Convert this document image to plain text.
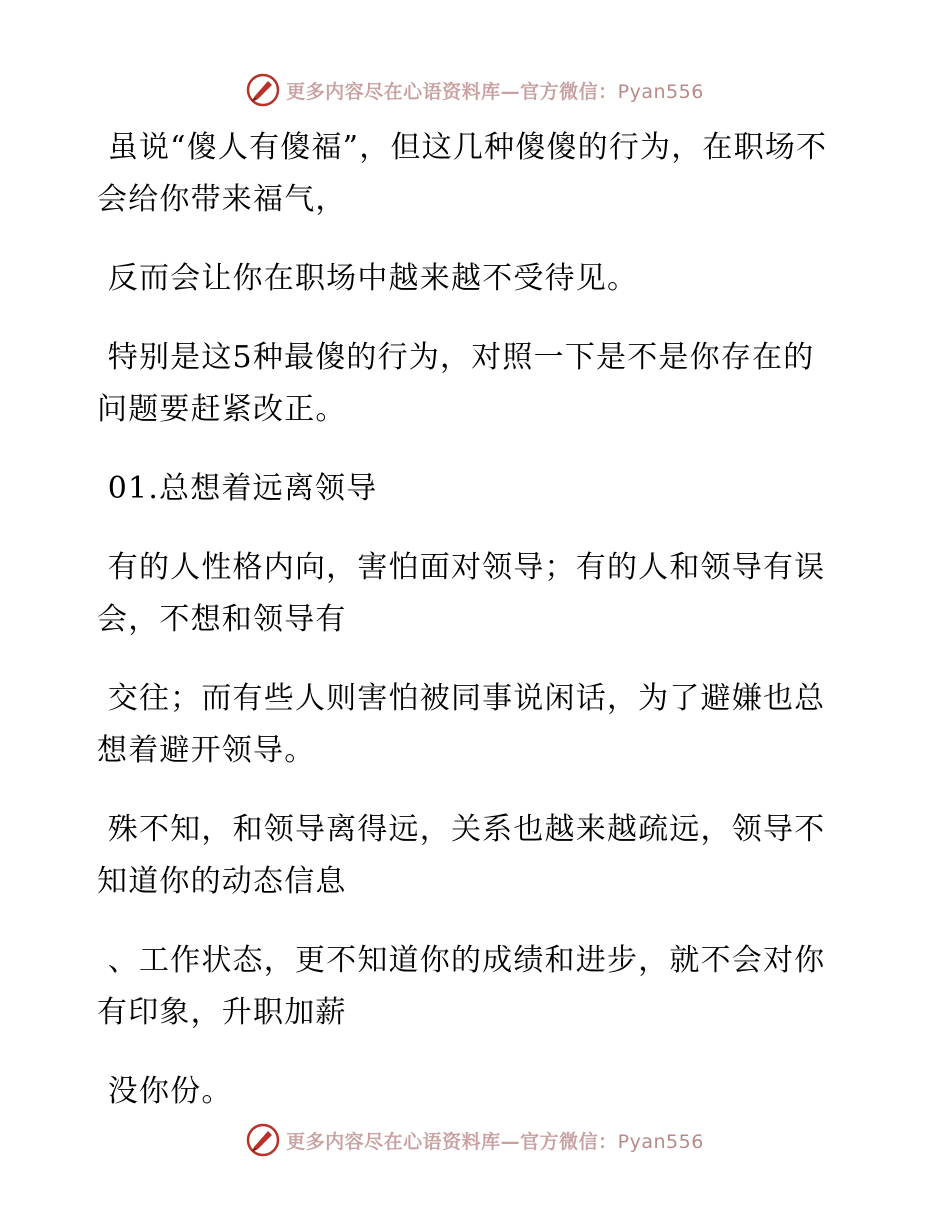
更多内容尽在心语资料库—官方微信：Pyan556

虽说“傻人有傻福”，但这几种傻傻的行为，在职场不会给你带来福气，

反而会让你在职场中越来越不受待见。

特别是这5种最傻的行为，对照一下是不是你存在的问题要赶紧改正。

01.总想着远离领导

有的人性格内向，害怕面对领导；有的人和领导有误会，不想和领导有

交往；而有些人则害怕被同事说闲话，为了避嫌也总想着避开领导。

殊不知，和领导离得远，关系也越来越疏远，领导不知道你的动态信息

、工作状态，更不知道你的成绩和进步，就不会对你有印象，升职加薪

没你份。

更多内容尽在心语资料库—官方微信：Pyan556
